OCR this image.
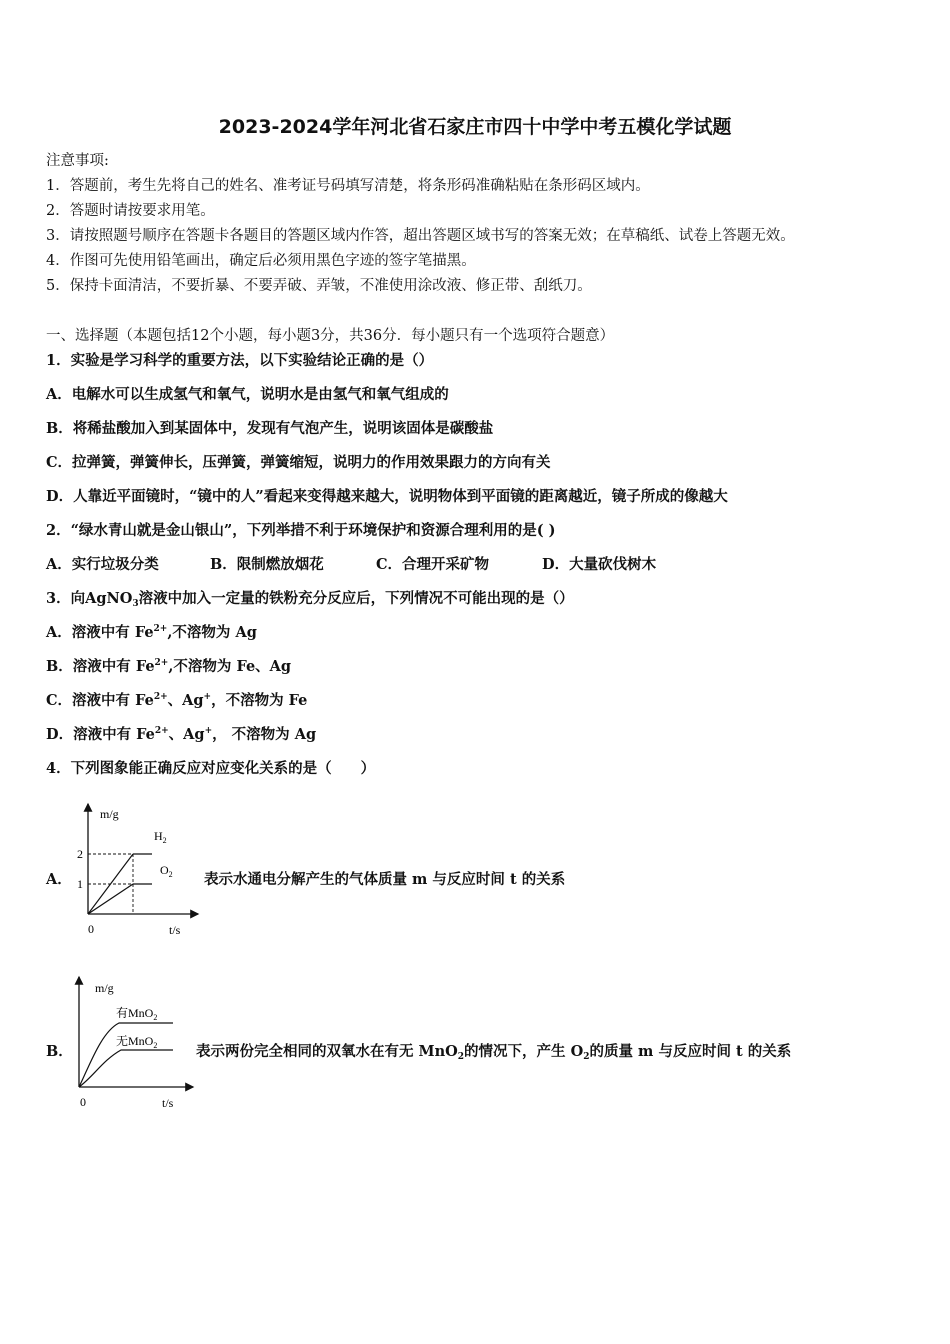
2023-2024学年河北省石家庄市四十中学中考五模化学试题
注意事项:
1．答题前，考生先将自己的姓名、准考证号码填写清楚，将条形码准确粘贴在条形码区域内。
2．答题时请按要求用笔。
3．请按照题号顺序在答题卡各题目的答题区域内作答，超出答题区域书写的答案无效；在草稿纸、试卷上答题无效。
4．作图可先使用铅笔画出，确定后必须用黑色字迹的签字笔描黑。
5．保持卡面清洁，不要折暴、不要弄破、弄皱，不准使用涂改液、修正带、刮纸刀。
一、选择题（本题包括12个小题，每小题3分，共36分．每小题只有一个选项符合题意）
1．实验是学习科学的重要方法，以下实验结论正确的是（）
A．电解水可以生成氢气和氧气，说明水是由氢气和氧气组成的
B．将稀盐酸加入到某固体中，发现有气泡产生，说明该固体是碳酸盐
C．拉弹簧，弹簧伸长，压弹簧，弹簧缩短，说明力的作用效果跟力的方向有关
D．人靠近平面镜时，“镜中的人”看起来变得越来越大，说明物体到平面镜的距离越近，镜子所成的像越大
2．“绿水青山就是金山银山”，下列举措不利于环境保护和资源合理利用的是( )
A．实行垃圾分类	B．限制燃放烟花	C．合理开采矿物	D．大量砍伐树木
3．向AgNO$_3$溶液中加入一定量的铁粉充分反应后，下列情况不可能出现的是（）
A．溶液中有 $Fe^{2+}$,不溶物为 Ag
B．溶液中有 $Fe^{2+}$,不溶物为 Fe、Ag
C．溶液中有 $Fe^{2+}$、Ag+，不溶物为 Fe
D．溶液中有 $Fe^{2+}$、Ag+， 不溶物为 Ag
4．下列图象能正确反应对应变化关系的是（　　）
A．
m/g
t/s
0
2
1
$H_2$
$O_2$ 表示水通电分解产生的气体质量 m 与反应时间 t 的关系
B．
m/g
t/s
0
有MnO$_2$
无MnO$_2$	表示两份完全相同的双氧水在有无 MnO$_2$的情况下，产生 $O_2$的质量 m 与反应时间 t 的关系
